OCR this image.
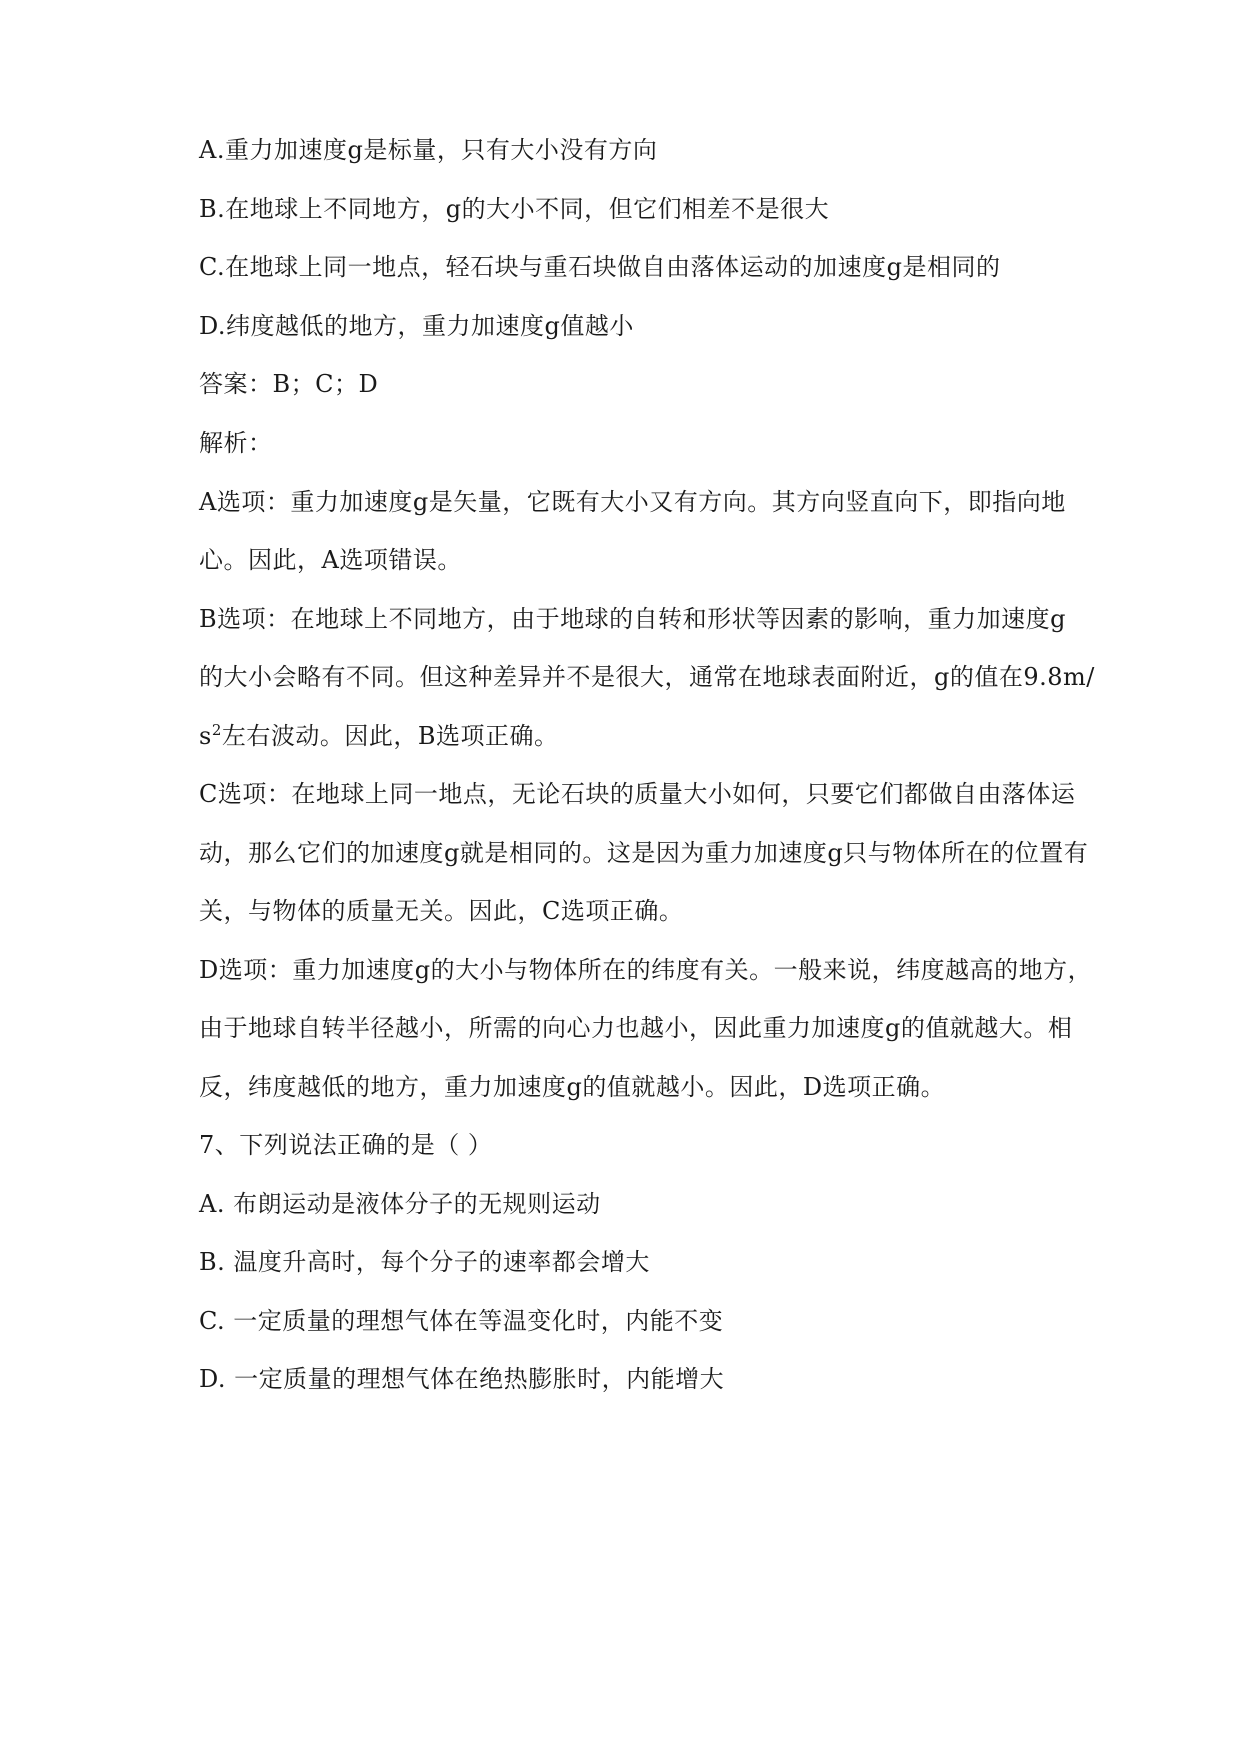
A.重力加速度g是标量，只有大小没有方向
B.在地球上不同地方，g的大小不同，但它们相差不是很大
C.在地球上同一地点，轻石块与重石块做自由落体运动的加速度g是相同的
D.纬度越低的地方，重力加速度g值越小
答案：B；C；D
解析：
A选项：重力加速度g是矢量，它既有大小又有方向。其方向竖直向下，即指向地
心。因此，A选项错误。
B选项：在地球上不同地方，由于地球的自转和形状等因素的影响，重力加速度g
的大小会略有不同。但这种差异并不是很大，通常在地球表面附近，g的值在9.8m/
$s^2$左右波动。因此，B选项正确。
C选项：在地球上同一地点，无论石块的质量大小如何，只要它们都做自由落体运
动，那么它们的加速度g就是相同的。这是因为重力加速度g只与物体所在的位置有
关，与物体的质量无关。因此，C选项正确。
D选项：重力加速度g的大小与物体所在的纬度有关。一般来说，纬度越高的地方，
由于地球自转半径越小，所需的向心力也越小，因此重力加速度g的值就越大。相
反，纬度越低的地方，重力加速度g的值就越小。因此，D选项正确。
7、下列说法正确的是（ ）
A. 布朗运动是液体分子的无规则运动
B. 温度升高时，每个分子的速率都会增大
C. 一定质量的理想气体在等温变化时，内能不变
D. 一定质量的理想气体在绝热膨胀时，内能增大
